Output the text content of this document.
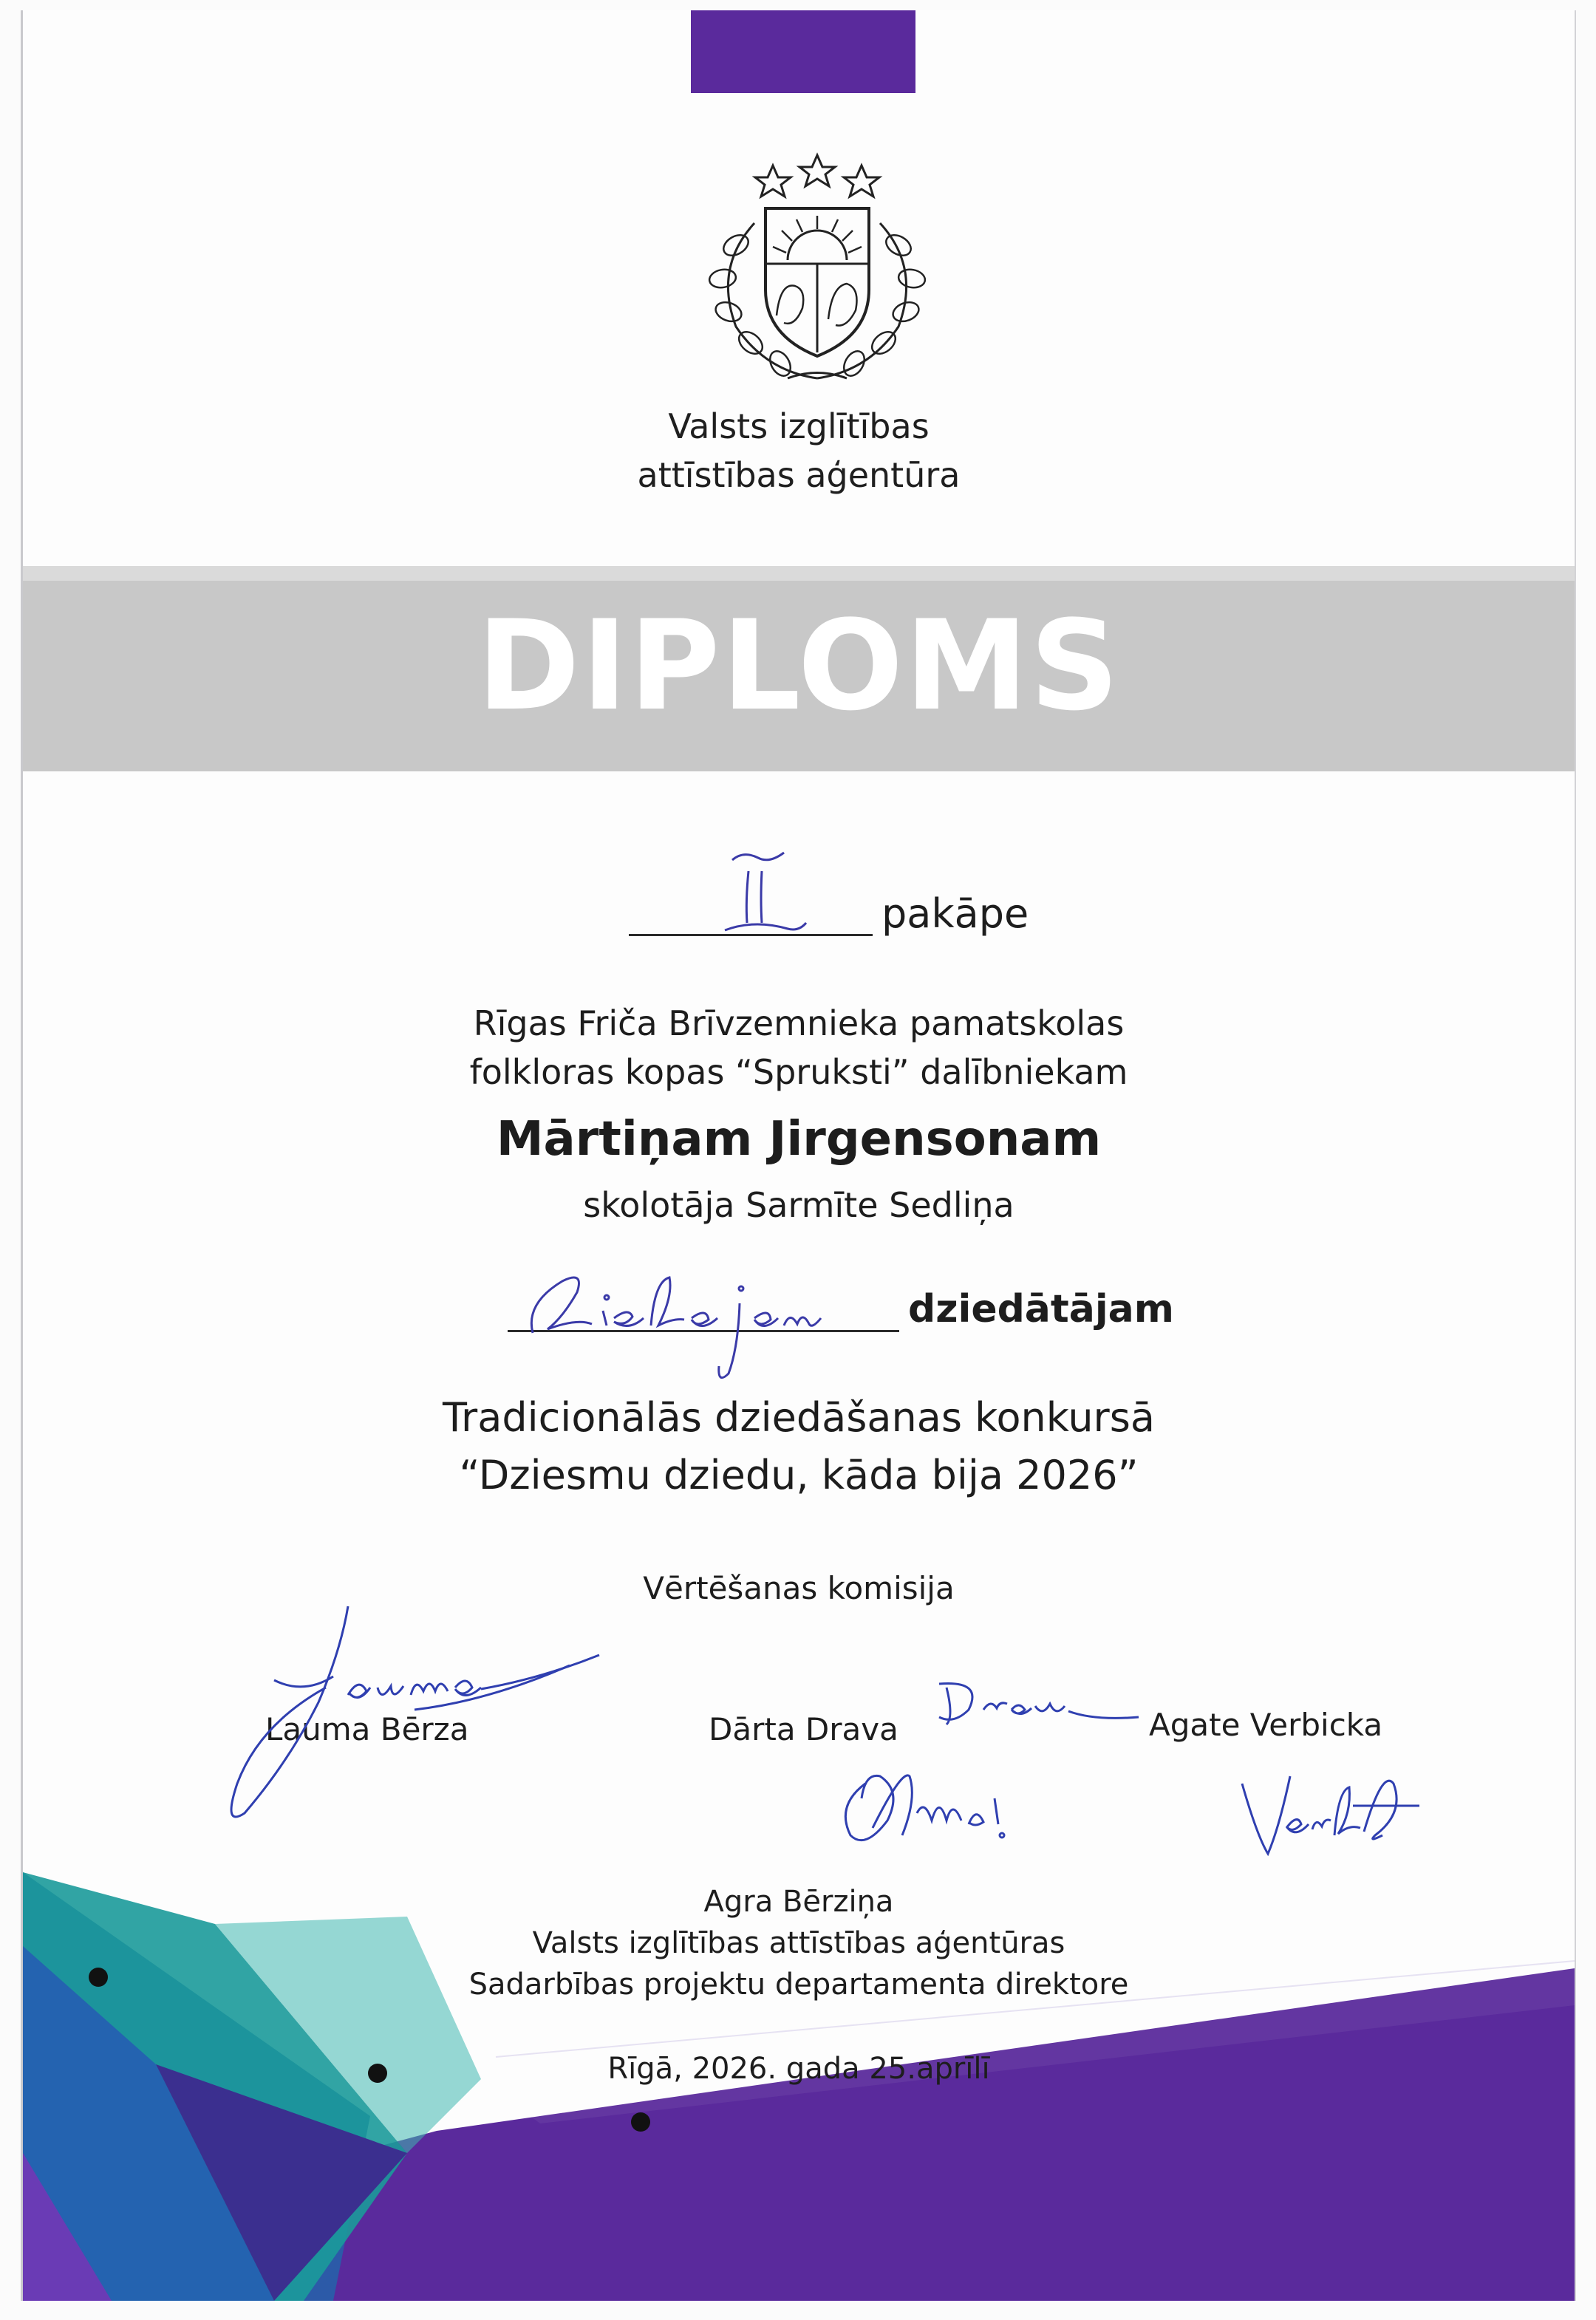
Valsts izglītības
attīstības aģentūra
DIPLOMS
pakāpe
Rīgas Friča Brīvzemnieka pamatskolas
folkloras kopas “Spruksti” dalībniekam
Mārtiņam Jirgensonam
skolotāja Sarmīte Sedliņa
dziedātājam
Tradicionālās dziedāšanas konkursā
“Dziesmu dziedu, kāda bija 2026”
Vērtēšanas komisija
Lauma Bērza	Dārta Drava	Agate Verbicka
Agra Bērziņa
Valsts izglītības attīstības aģentūras
Sadarbības projektu departamenta direktore
Rīgā, 2026. gada 25.aprīlī
